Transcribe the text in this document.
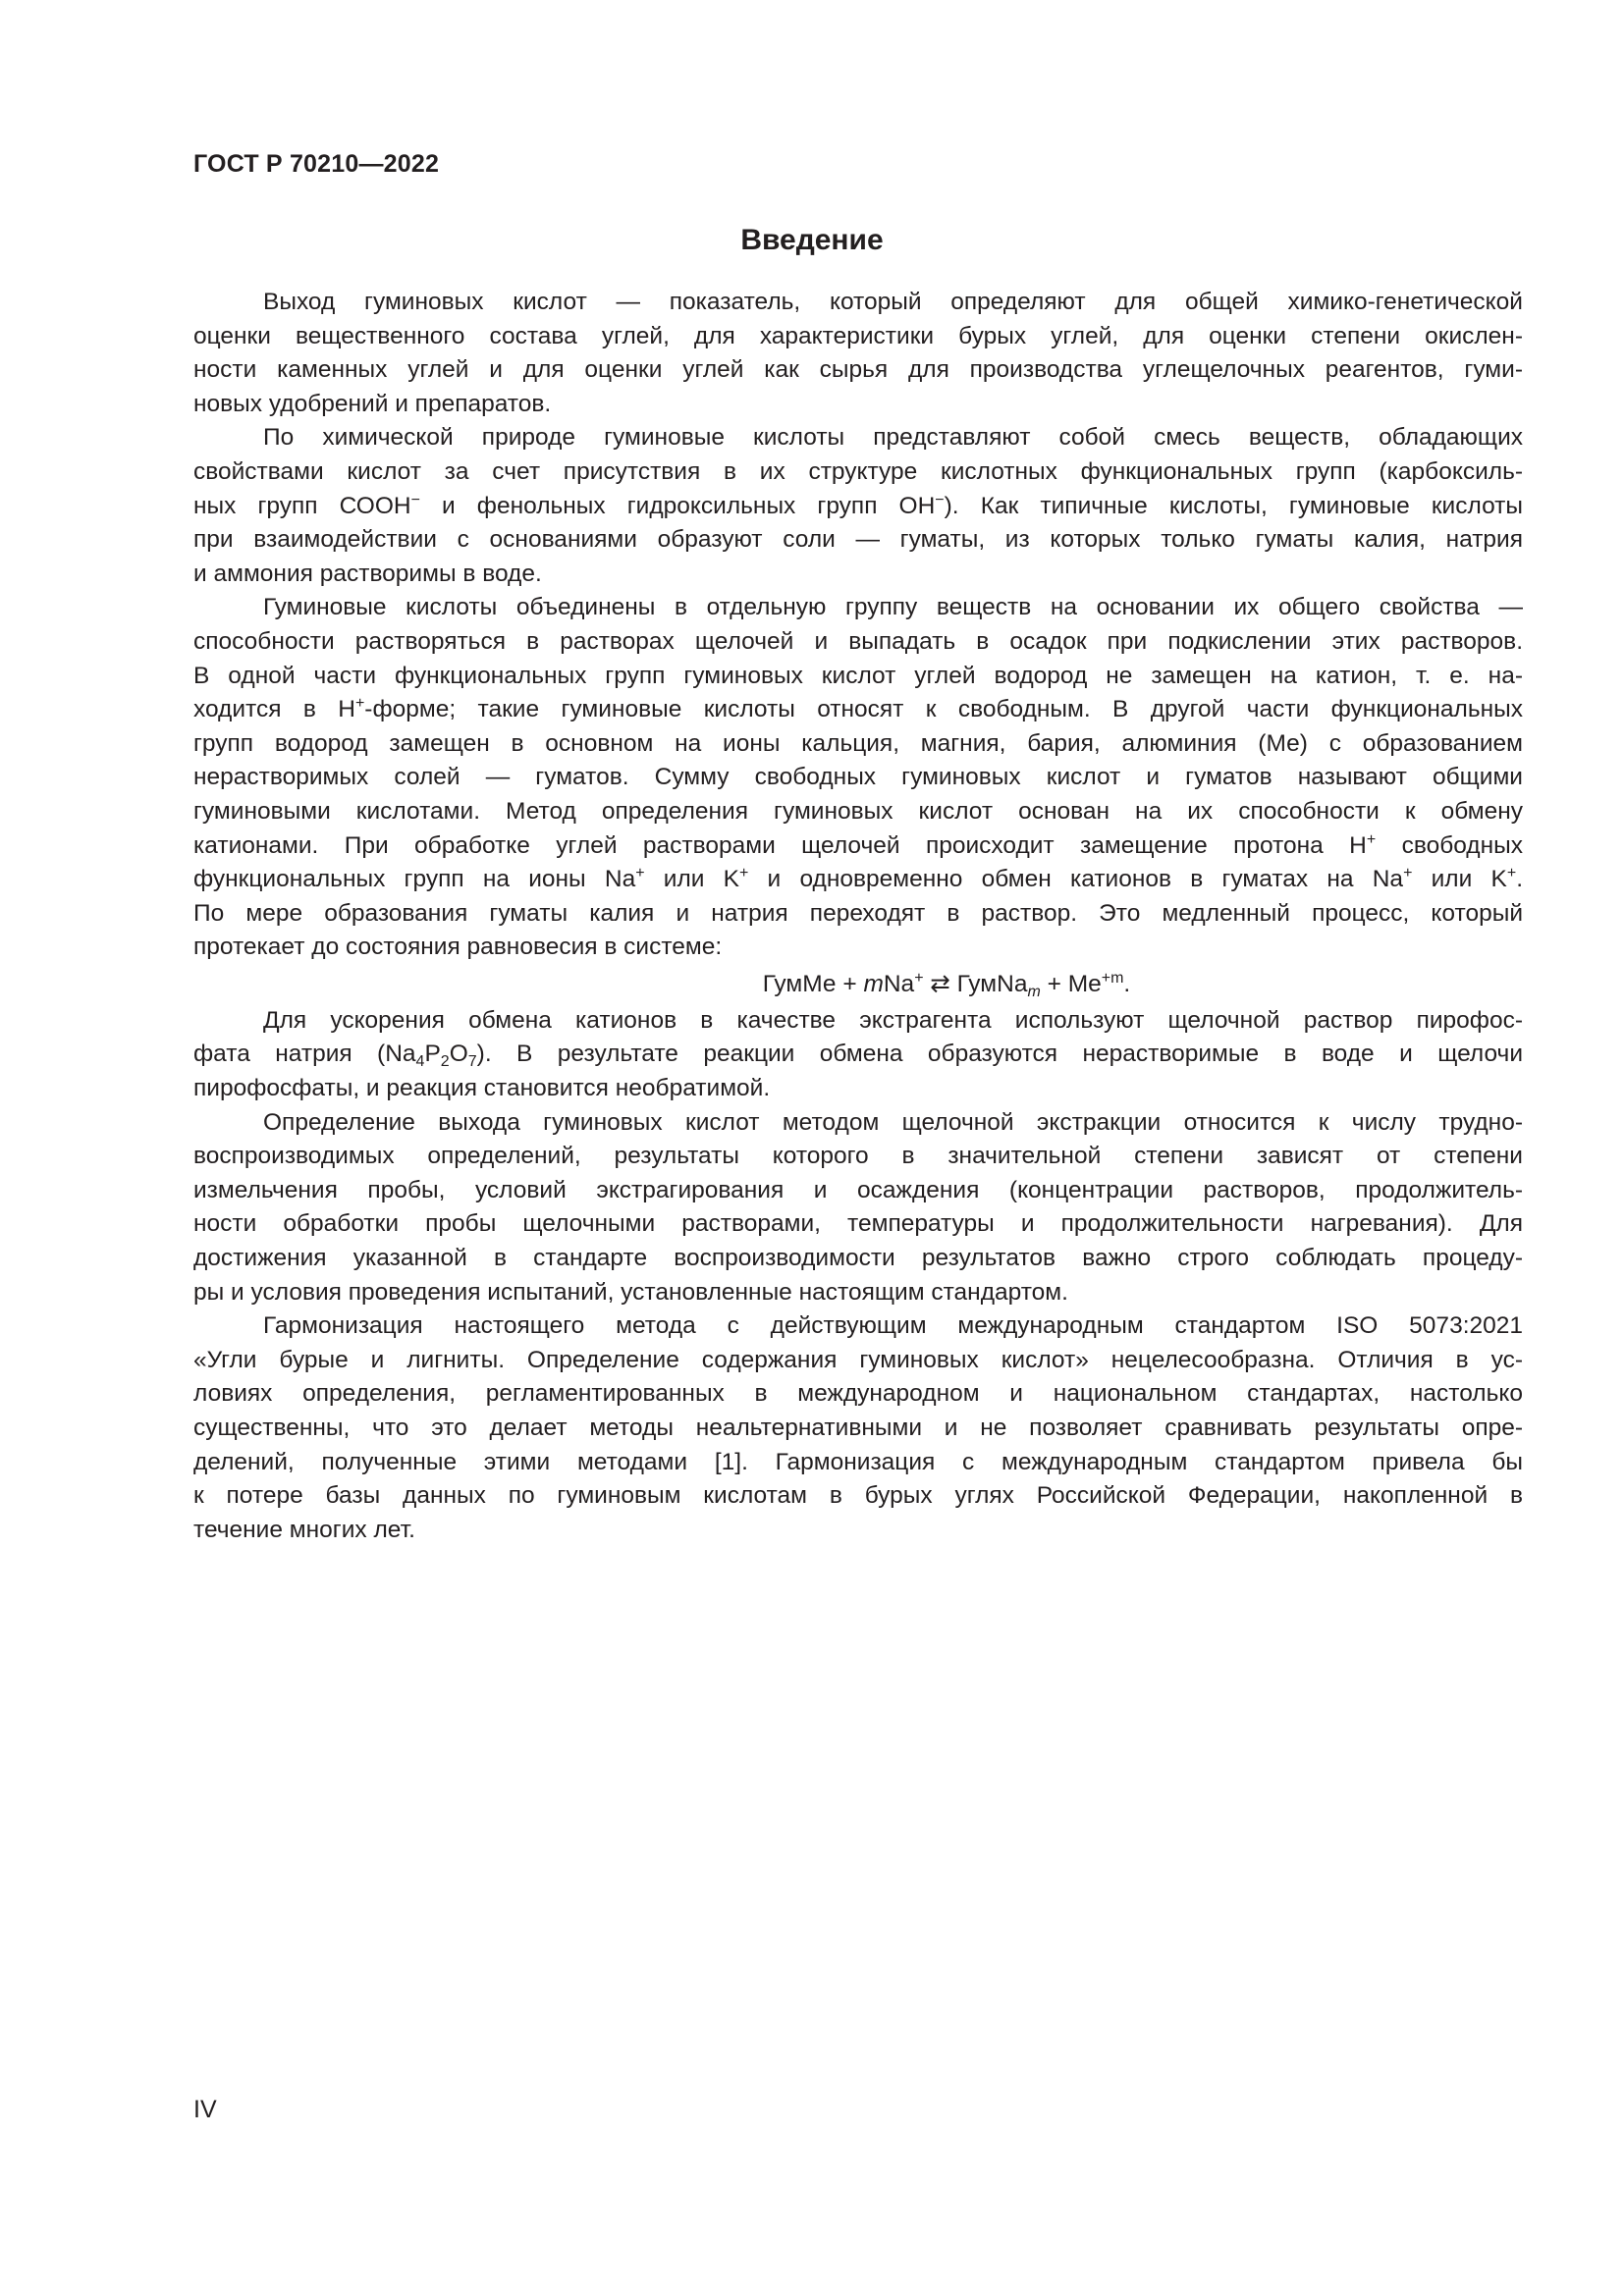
ГОСТ Р 70210—2022
Введение
Выход гуминовых кислот — показатель, который определяют для общей химико-генетической
оценки вещественного состава углей, для характеристики бурых углей, для оценки степени окислен-
ности каменных углей и для оценки углей как сырья для производства углещелочных реагентов, гуми-
новых удобрений и препаратов.
По химической природе гуминовые кислоты представляют собой смесь веществ, обладающих
свойствами кислот за счет присутствия в их структуре кислотных функциональных групп (карбоксиль-
ных групп СООН− и фенольных гидроксильных групп ОН−). Как типичные кислоты, гуминовые кислоты
при взаимодействии с основаниями образуют соли — гуматы, из которых только гуматы калия, натрия
и аммония растворимы в воде.
Гуминовые кислоты объединены в отдельную группу веществ на основании их общего свойства —
способности растворяться в растворах щелочей и выпадать в осадок при подкислении этих растворов.
В одной части функциональных групп гуминовых кислот углей водород не замещен на катион, т. е. на-
ходится в Н+-форме; такие гуминовые кислоты относят к свободным. В другой части функциональных
групп водород замещен в основном на ионы кальция, магния, бария, алюминия (Ме) с образованием
нерастворимых солей — гуматов. Сумму свободных гуминовых кислот и гуматов называют общими
гуминовыми кислотами. Метод определения гуминовых кислот основан на их способности к обмену
катионами. При обработке углей растворами щелочей происходит замещение протона Н+ свободных
функциональных групп на ионы Na+ или K+ и одновременно обмен катионов в гуматах на Na+ или K+.
По мере образования гуматы калия и натрия переходят в раствор. Это медленный процесс, который
протекает до состояния равновесия в системе:
ГумМе + mNa+ ⇄ ГумNa$_m$ + $Me^{+m}$.
Для ускорения обмена катионов в качестве экстрагента используют щелочной раствор пирофос-
фата натрия $(Na_4P_2O_7)$. В результате реакции обмена образуются нерастворимые в воде и щелочи
пирофосфаты, и реакция становится необратимой.
Определение выхода гуминовых кислот методом щелочной экстракции относится к числу трудно-
воспроизводимых определений, результаты которого в значительной степени зависят от степени
измельчения пробы, условий экстрагирования и осаждения (концентрации растворов, продолжитель-
ности обработки пробы щелочными растворами, температуры и продолжительности нагревания). Для
достижения указанной в стандарте воспроизводимости результатов важно строго соблюдать процеду-
ры и условия проведения испытаний, установленные настоящим стандартом.
Гармонизация настоящего метода с действующим международным стандартом ISO 5073:2021
«Угли бурые и лигниты. Определение содержания гуминовых кислот» нецелесообразна. Отличия в ус-
ловиях определения, регламентированных в международном и национальном стандартах, настолько
существенны, что это делает методы неальтернативными и не позволяет сравнивать результаты опре-
делений, полученные этими методами [1]. Гармонизация с международным стандартом привела бы
к потере базы данных по гуминовым кислотам в бурых углях Российской Федерации, накопленной в
течение многих лет.
IV
